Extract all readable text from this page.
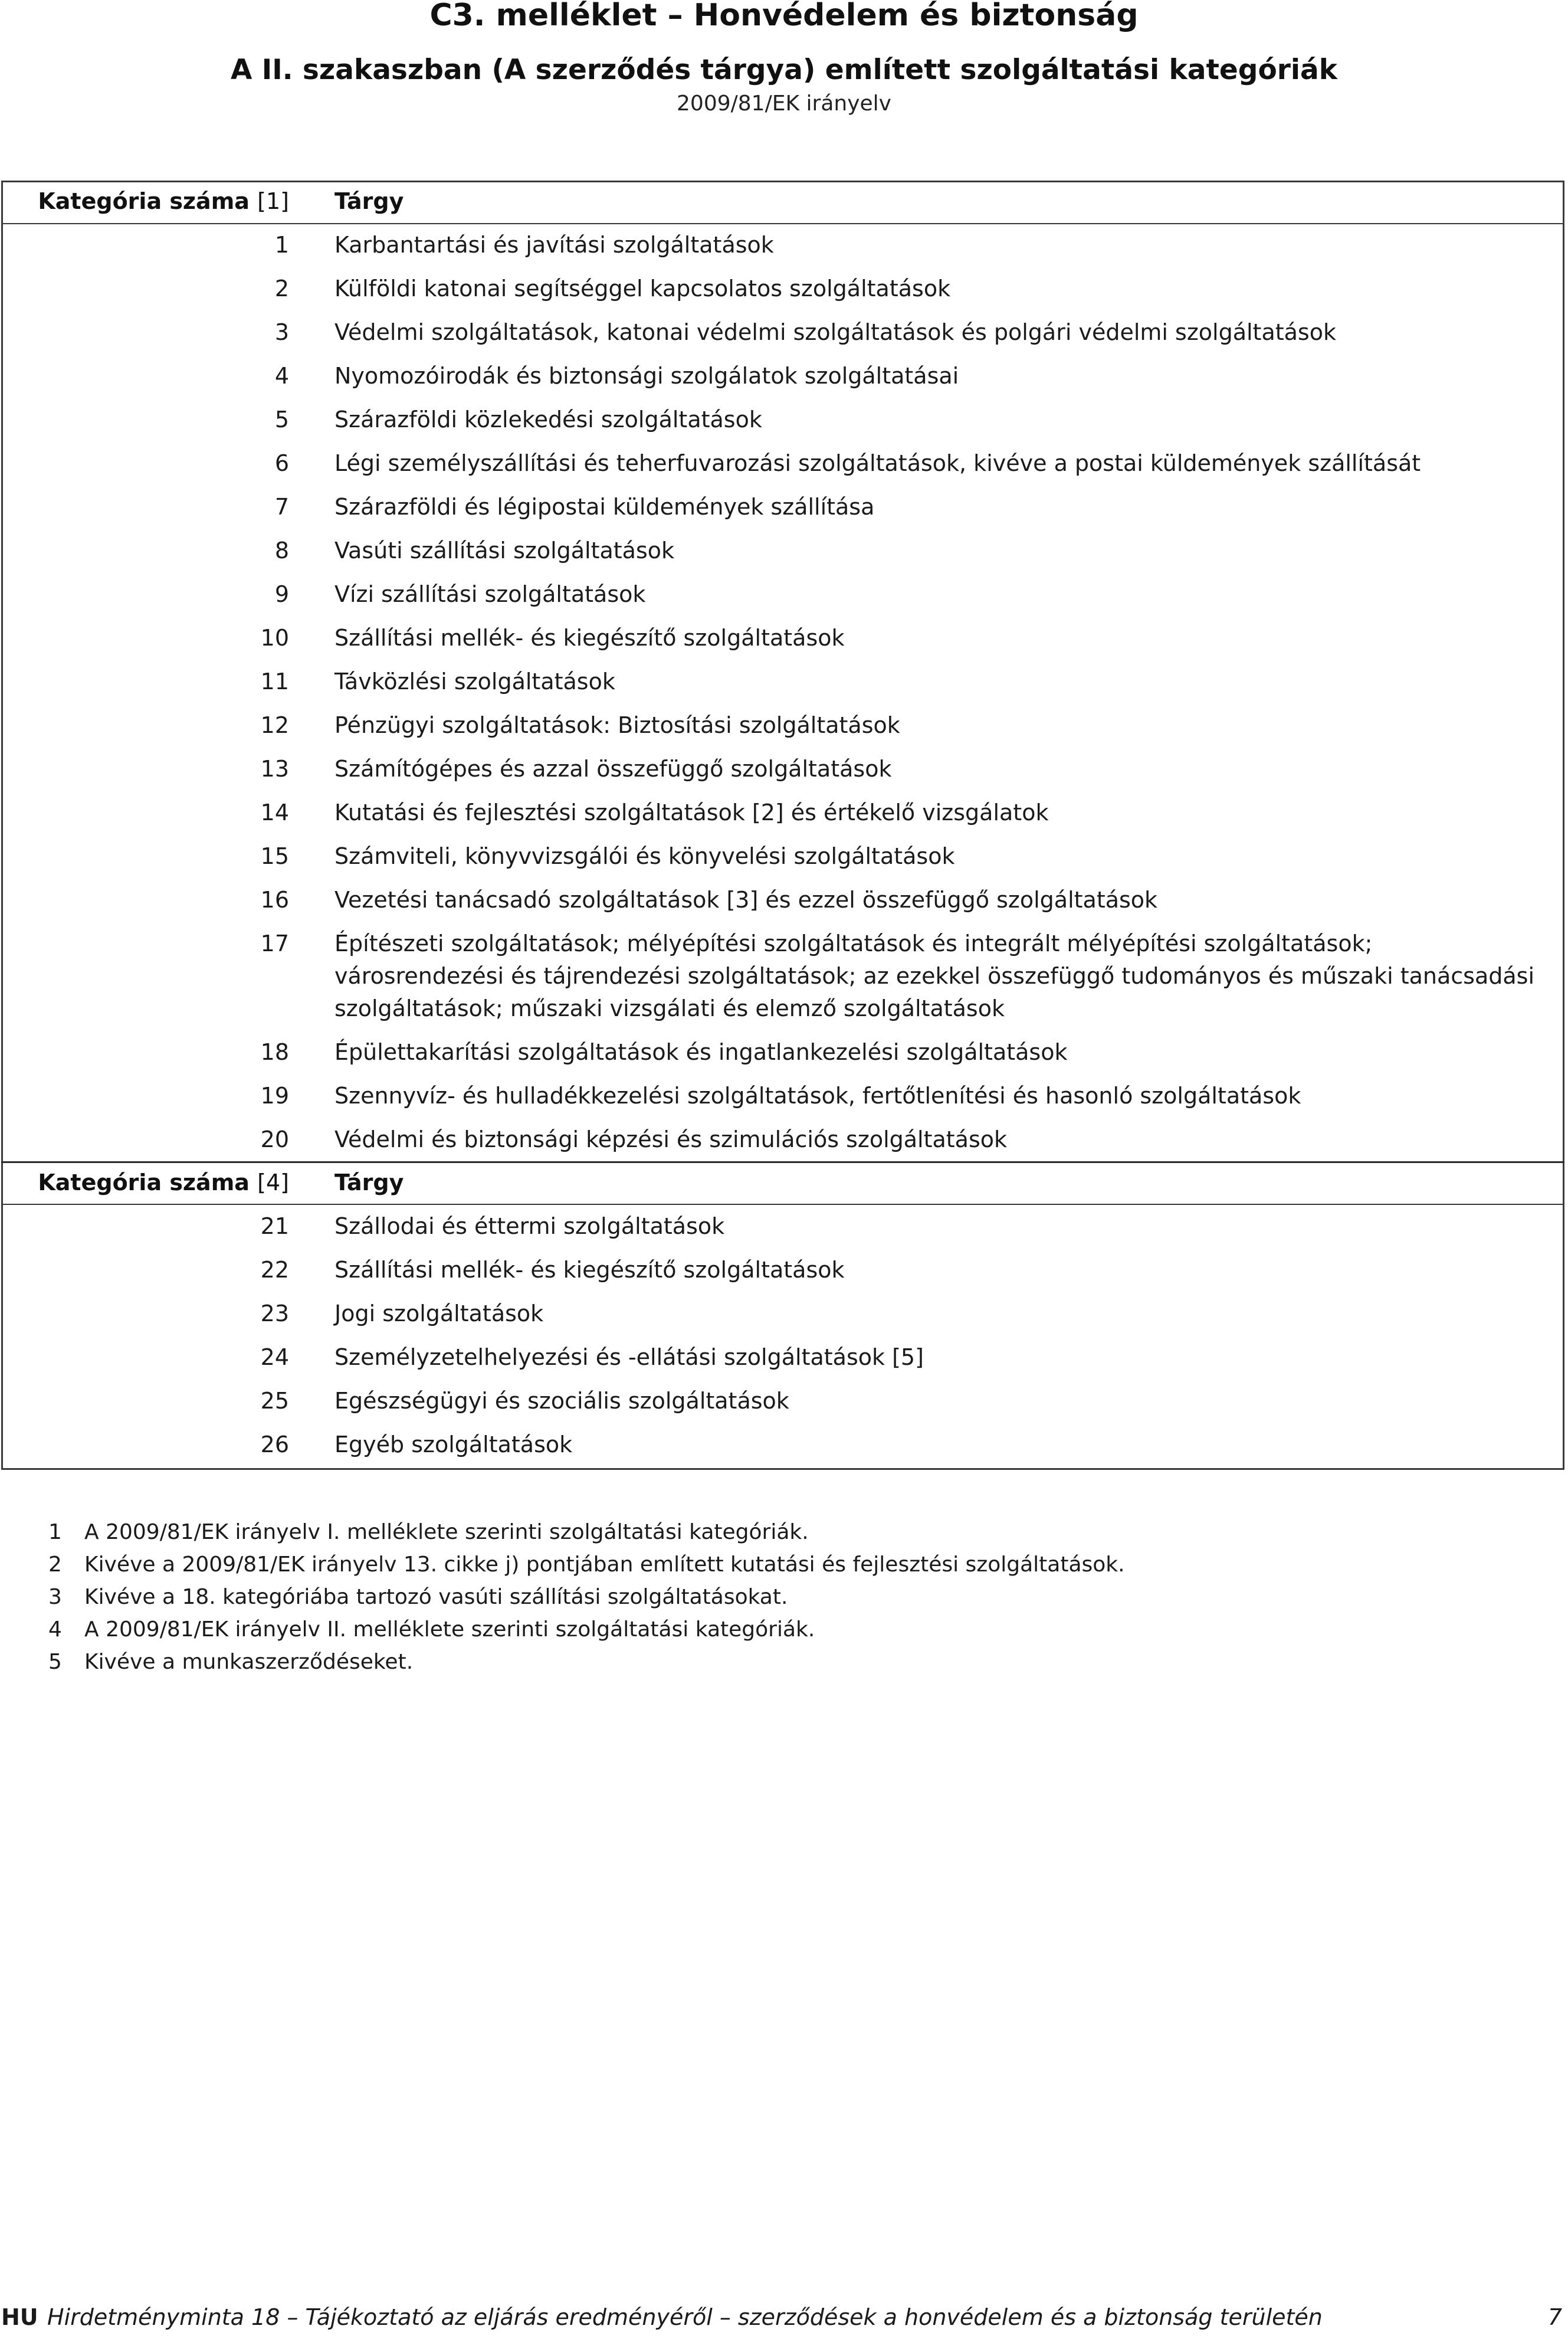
C3. melléklet – Honvédelem és biztonság
A II. szakaszban (A szerződés tárgya) említett szolgáltatási kategóriák
2009/81/EK irányelv
Kategória száma [1] Tárgy
1 Karbantartási és javítási szolgáltatások
2 Külföldi katonai segítséggel kapcsolatos szolgáltatások
3 Védelmi szolgáltatások, katonai védelmi szolgáltatások és polgári védelmi szolgáltatások
4 Nyomozóirodák és biztonsági szolgálatok szolgáltatásai
5 Szárazföldi közlekedési szolgáltatások
6 Légi személyszállítási és teherfuvarozási szolgáltatások, kivéve a postai küldemények szállítását
7 Szárazföldi és légipostai küldemények szállítása
8 Vasúti szállítási szolgáltatások
9 Vízi szállítási szolgáltatások
10 Szállítási mellék- és kiegészítő szolgáltatások
11 Távközlési szolgáltatások
12 Pénzügyi szolgáltatások: Biztosítási szolgáltatások
13 Számítógépes és azzal összefüggő szolgáltatások
14 Kutatási és fejlesztési szolgáltatások [2] és értékelő vizsgálatok
15 Számviteli, könyvvizsgálói és könyvelési szolgáltatások
16 Vezetési tanácsadó szolgáltatások [3] és ezzel összefüggő szolgáltatások
17 Építészeti szolgáltatások; mélyépítési szolgáltatások és integrált mélyépítési szolgáltatások; városrendezési és tájrendezési szolgáltatások; az ezekkel összefüggő tudományos és műszaki tanácsadási szolgáltatások; műszaki vizsgálati és elemző szolgáltatások
18 Épülettakarítási szolgáltatások és ingatlankezelési szolgáltatások
19 Szennyvíz- és hulladékkezelési szolgáltatások, fertőtlenítési és hasonló szolgáltatások
20 Védelmi és biztonsági képzési és szimulációs szolgáltatások
Kategória száma [4] Tárgy
21 Szállodai és éttermi szolgáltatások
22 Szállítási mellék- és kiegészítő szolgáltatások
23 Jogi szolgáltatások
24 Személyzetelhelyezési és -ellátási szolgáltatások [5]
25 Egészségügyi és szociális szolgáltatások
26 Egyéb szolgáltatások
1 A 2009/81/EK irányelv I. melléklete szerinti szolgáltatási kategóriák.
2 Kivéve a 2009/81/EK irányelv 13. cikke j) pontjában említett kutatási és fejlesztési szolgáltatások.
3 Kivéve a 18. kategóriába tartozó vasúti szállítási szolgáltatásokat.
4 A 2009/81/EK irányelv II. melléklete szerinti szolgáltatási kategóriák.
5 Kivéve a munkaszerződéseket.
HU Hirdetményminta 18 – Tájékoztató az eljárás eredményéről – szerződések a honvédelem és a biztonság területén	7
